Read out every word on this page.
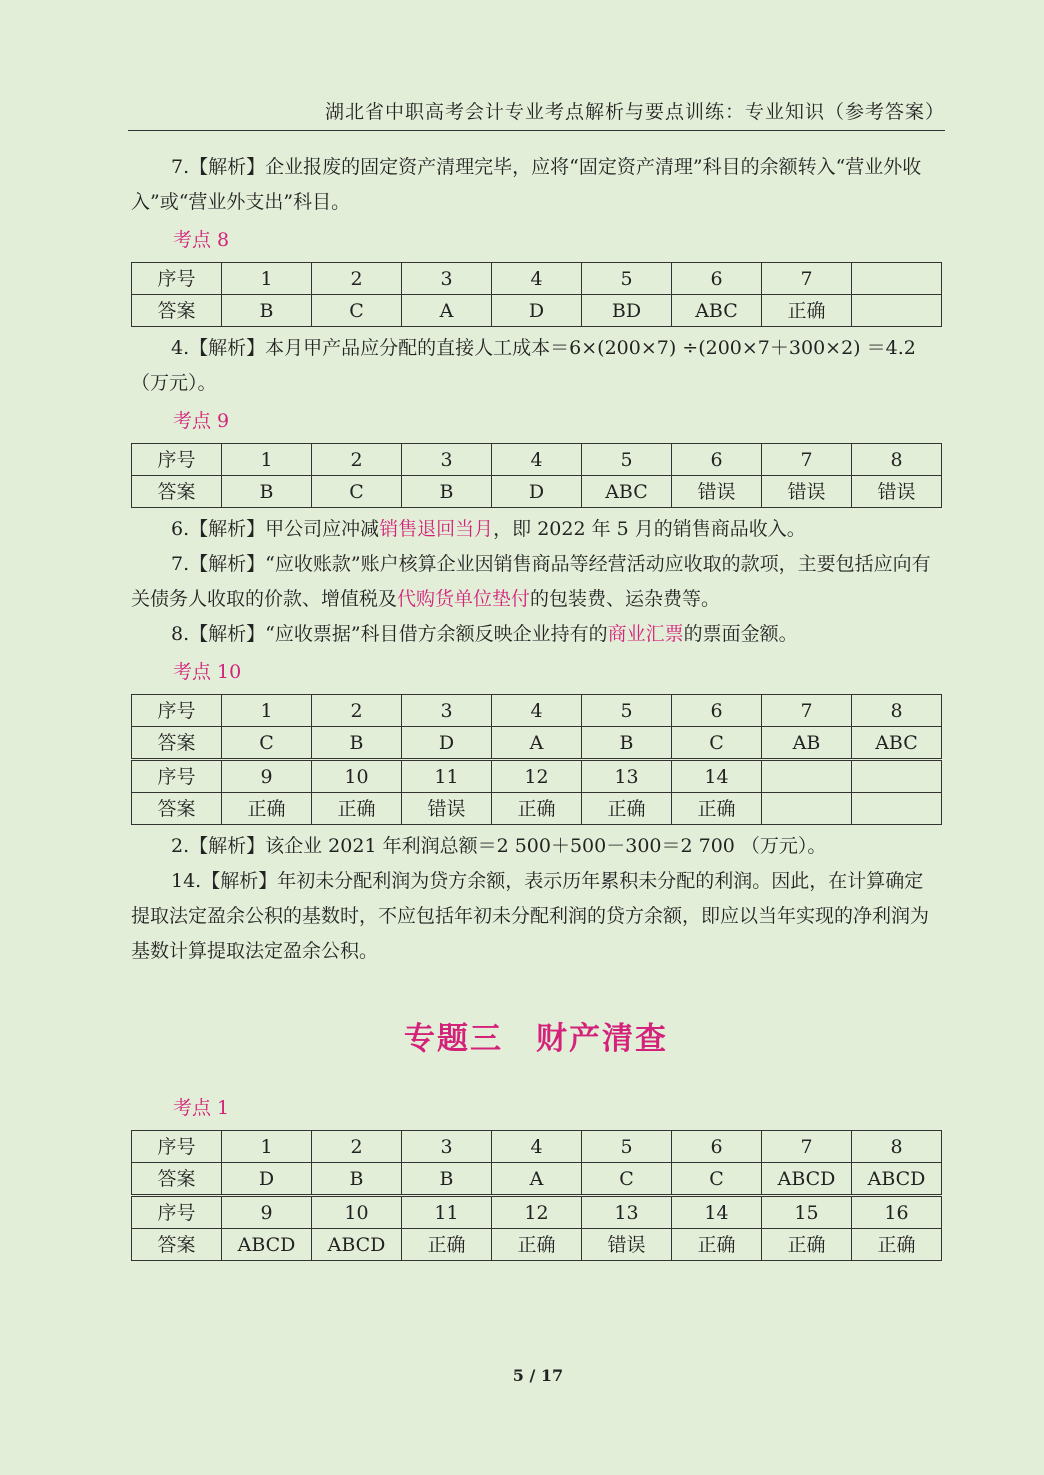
湖北省中职高考会计专业考点解析与要点训练：专业知识（参考答案）

7.【解析】企业报废的固定资产清理完毕，应将“固定资产清理”科目的余额转入“营业外收入”或“营业外支出”科目。

考点 8
序号	1	2	3	4	5	6	7	
答案	B	C	A	D	BD	ABC	正确	

4.【解析】本月甲产品应分配的直接人工成本＝6×(200×7) ÷(200×7＋300×2) ＝4.2（万元）。

考点 9
序号	1	2	3	4	5	6	7	8
答案	B	C	B	D	ABC	错误	错误	错误

6.【解析】甲公司应冲减销售退回当月，即 2022 年 5 月的销售商品收入。

7.【解析】“应收账款”账户核算企业因销售商品等经营活动应收取的款项，主要包括应向有关债务人收取的价款、增值税及代购货单位垫付的包装费、运杂费等。

8.【解析】“应收票据”科目借方余额反映企业持有的商业汇票的票面金额。

考点 10
序号	1	2	3	4	5	6	7	8
答案	C	B	D	A	B	C	AB	ABC
序号	9	10	11	12	13	14		
答案	正确	正确	错误	正确	正确	正确		

2.【解析】该企业 2021 年利润总额＝2 500＋500－300＝2 700 （万元）。

14.【解析】年初未分配利润为贷方余额，表示历年累积未分配的利润。因此，在计算确定提取法定盈余公积的基数时，不应包括年初未分配利润的贷方余额，即应以当年实现的净利润为基数计算提取法定盈余公积。

专题三　财产清查
考点 1
序号	1	2	3	4	5	6	7	8
答案	D	B	B	A	C	C	ABCD	ABCD
序号	9	10	11	12	13	14	15	16
答案	ABCD	ABCD	正确	正确	错误	正确	正确	正确
5 / 17
